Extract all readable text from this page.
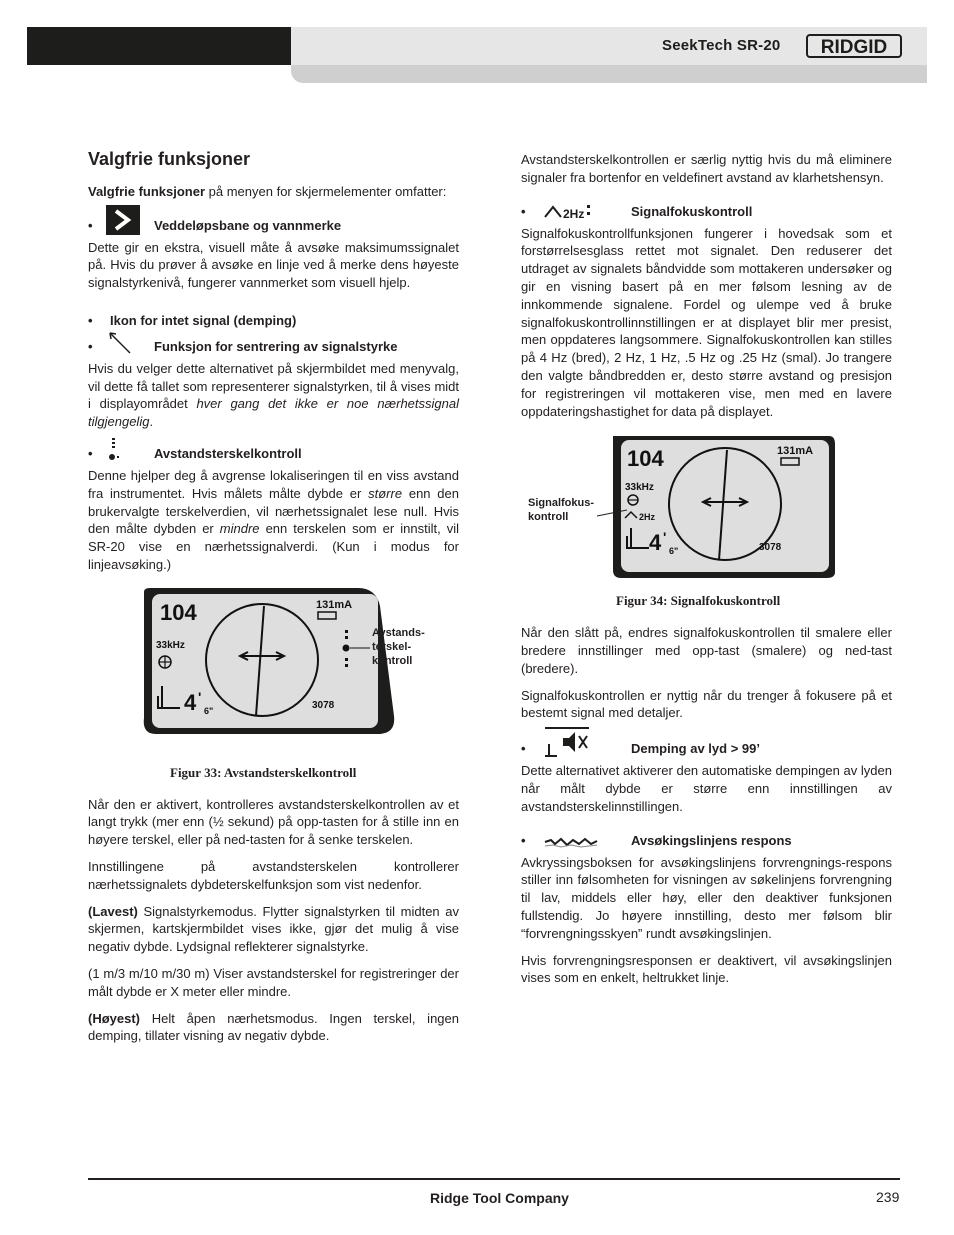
SeekTech SR-20 RIDGID

Valgfrie funksjoner

Valgfrie funksjoner på menyen for skjermelementer omfatter:

•	Veddeløpsbane og vannmerke

Dette gir en ekstra, visuell måte å avsøke maksimumssignalet på. Hvis du prøver å avsøke en linje ved å merke dens høyeste signalstyrkenivå, fungerer vannmerket som visuell hjelp.

• Ikon for intet signal (demping)
•	Funksjon for sentrering av signalstyrke

Hvis du velger dette alternativet på skjermbildet med menyvalg, vil dette få tallet som representerer signalstyrken, til å vises midt i displayområdet hver gang det ikke er noe nærhetssignal tilgjengelig.

•	Avstandsterskelkontroll

Denne hjelper deg å avgrense lokaliseringen til en viss avstand fra instrumentet. Hvis målets målte dybde er større enn den brukervalgte terskelverdien, vil nærhetssignalet lese null. Hvis den målte dybden er mindre enn terskelen som er innstilt, vil SR-20 vise en nærhetssignalverdi. (Kun i modus for linjeavsøking.)

104	131mA
33kHz
4 '
6"	3078
Avstands-
terskel-
kontroll

Figur 33: Avstandsterskelkontroll

Når den er aktivert, kontrolleres avstandsterskelkontrollen av et langt trykk (mer enn (½ sekund) på opp-tasten for å stille inn en høyere terskel, eller på ned-tasten for å senke terskelen.

Innstillingene på avstandsterskelen kontrollerer nærhetssignalets dybdeterskelfunksjon som vist nedenfor.

(Lavest) Signalstyrkemodus. Flytter signalstyrken til midten av skjermen, kartskjermbildet vises ikke, gjør det mulig å vise negativ dybde. Lydsignal reflekterer signalstyrke.

(1 m/3 m/10 m/30 m) Viser avstandsterskel for registreringer der målt dybde er X meter eller mindre.

(Høyest) Helt åpen nærhetsmodus. Ingen terskel, ingen demping, tillater visning av negativ dybde.

Avstandsterskelkontrollen er særlig nyttig hvis du må eliminere signaler fra bortenfor en veldefinert avstand av klarhetshensyn.

•	2Hz	Signalfokuskontroll

Signalfokuskontrollfunksjonen fungerer i hovedsak som et forstørrelsesglass rettet mot signalet. Den reduserer det utdraget av signalets båndvidde som mottakeren undersøker og gir en visning basert på en mer følsom lesning av de innkommende signalene. Fordel og ulempe ved å bruke signalfokuskontrollinnstillingen er at displayet blir mer presist, men oppdateres langsommere. Signalfokuskontrollen kan stilles på 4 Hz (bred), 2 Hz, 1 Hz, .5 Hz og .25 Hz (smal). Jo trangere den valgte båndbredden er, desto større avstand og presisjon for registreringen vil mottakeren vise, men med en lavere oppdateringshastighet for data på displayet.

104	131mA
33kHz
2Hz
4 '
6"	3078
Signalfokus-
kontroll

Figur 34: Signalfokuskontroll

Når den slått på, endres signalfokuskontrollen til smalere eller bredere innstillinger med opp-tast (smalere) og ned-tast (bredere).

Signalfokuskontrollen er nyttig når du trenger å fokusere på et bestemt signal med detaljer.

•	Demping av lyd > 99’

Dette alternativet aktiverer den automatiske dempingen av lyden når målt dybde er større enn innstillingen av avstandsterskelinnstillingen.

•	Avsøkingslinjens respons

Avkryssingsboksen for avsøkingslinjens forvrengnings-respons stiller inn følsomheten for visningen av søkelinjens forvrengning til lav, middels eller høy, eller den deaktiver funksjonen fullstendig. Jo høyere innstilling, desto mer følsom blir “forvrengningsskyen” rundt avsøkingslinjen.

Hvis forvrengningsresponsen er deaktivert, vil avsøkingslinjen vises som en enkelt, heltrukket linje.

Ridge Tool Company	239
